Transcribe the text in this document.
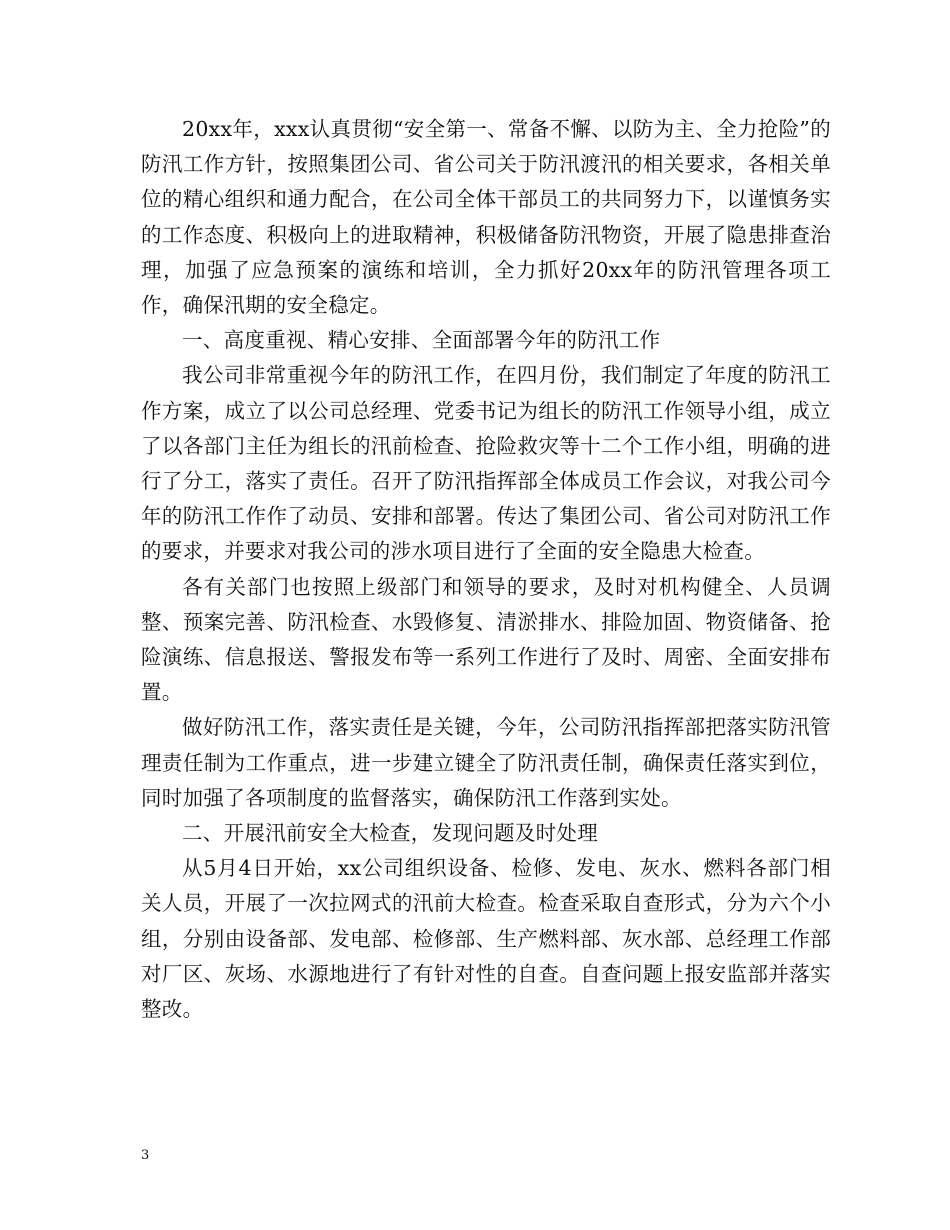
20xx年，xxx认真贯彻“安全第一、常备不懈、以防为主、全力抢险”的防汛工作方针，按照集团公司、省公司关于防汛渡汛的相关要求，各相关单位的精心组织和通力配合，在公司全体干部员工的共同努力下，以谨慎务实的工作态度、积极向上的进取精神，积极储备防汛物资，开展了隐患排查治理，加强了应急预案的演练和培训，全力抓好20xx年的防汛管理各项工作，确保汛期的安全稳定。

一、高度重视、精心安排、全面部署今年的防汛工作

我公司非常重视今年的防汛工作，在四月份，我们制定了年度的防汛工作方案，成立了以公司总经理、党委书记为组长的防汛工作领导小组，成立了以各部门主任为组长的汛前检查、抢险救灾等十二个工作小组，明确的进行了分工，落实了责任。召开了防汛指挥部全体成员工作会议，对我公司今年的防汛工作作了动员、安排和部署。传达了集团公司、省公司对防汛工作的要求，并要求对我公司的涉水项目进行了全面的安全隐患大检查。

各有关部门也按照上级部门和领导的要求，及时对机构健全、人员调整、预案完善、防汛检查、水毁修复、清淤排水、排险加固、物资储备、抢险演练、信息报送、警报发布等一系列工作进行了及时、周密、全面安排布置。

做好防汛工作，落实责任是关键，今年，公司防汛指挥部把落实防汛管理责任制为工作重点，进一步建立键全了防汛责任制，确保责任落实到位，同时加强了各项制度的监督落实，确保防汛工作落到实处。

二、开展汛前安全大检查，发现问题及时处理

从5月4日开始，xx公司组织设备、检修、发电、灰水、燃料各部门相关人员，开展了一次拉网式的汛前大检查。检查采取自查形式，分为六个小组，分别由设备部、发电部、检修部、生产燃料部、灰水部、总经理工作部对厂区、灰场、水源地进行了有针对性的自查。自查问题上报安监部并落实整改。

3
